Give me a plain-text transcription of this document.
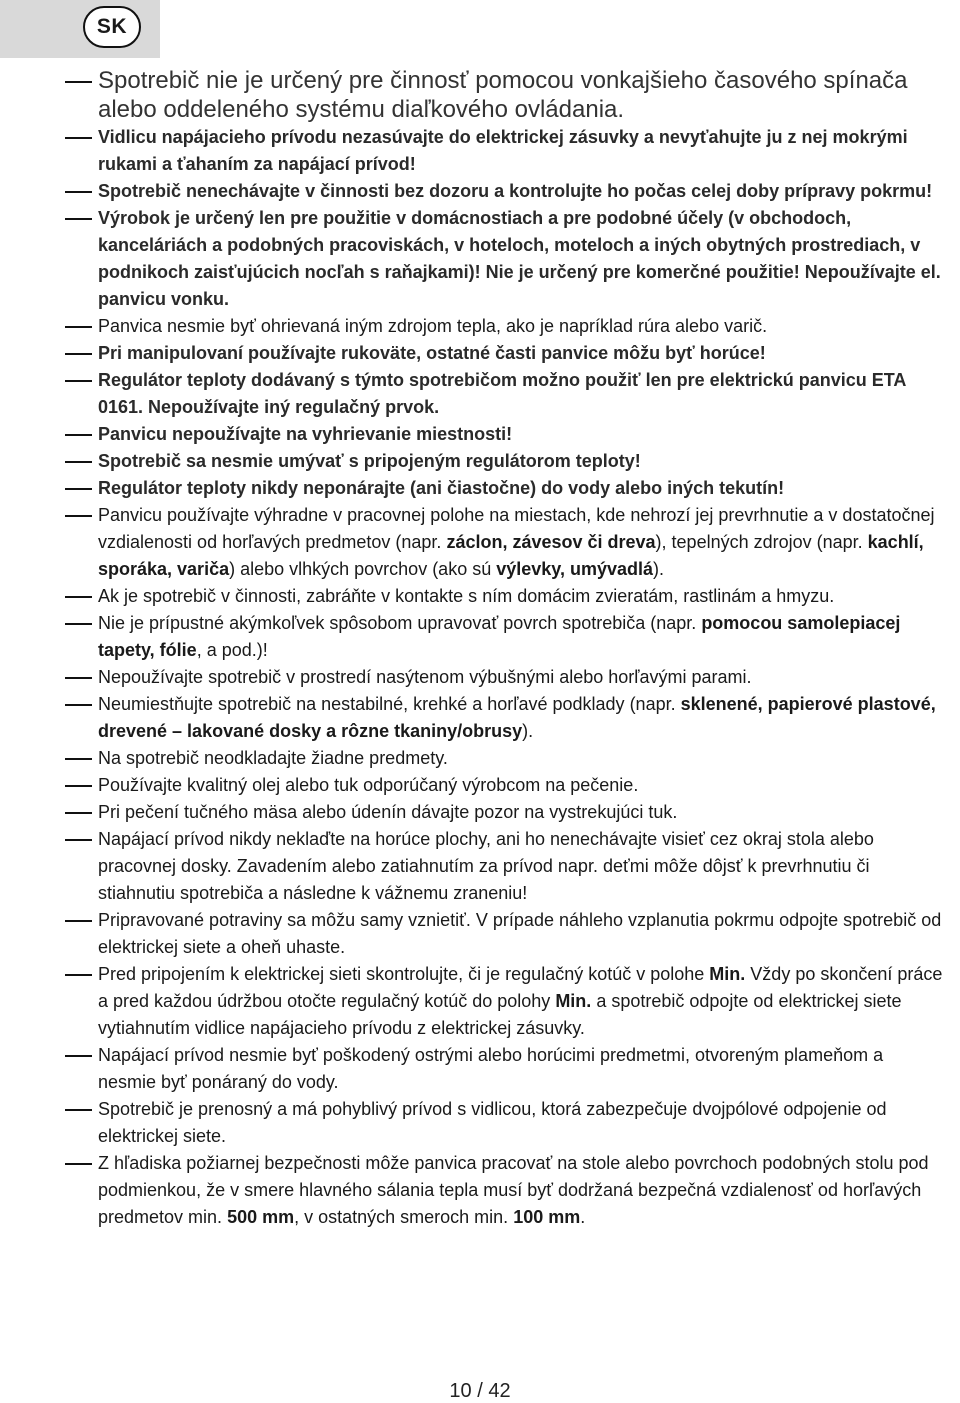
SK
Spotrebič nie je určený pre činnosť pomocou vonkajšieho časového spínača alebo oddeleného systému diaľkového ovládania.
Vidlicu napájacieho prívodu nezasúvajte do elektrickej zásuvky a nevyťahujte ju z nej mokrými rukami a ťahaním za napájací prívod!
Spotrebič nenechávajte v činnosti bez dozoru a kontrolujte ho počas celej doby prípravy pokrmu!
Výrobok je určený len pre použitie v domácnostiach a pre podobné účely (v obchodoch, kanceláriách a podobných pracoviskách, v hoteloch, moteloch a iných obytných prostrediach, v podnikoch zaisťujúcich nocľah s raňajkami)! Nie je určený pre komerčné použitie! Nepoužívajte el. panvicu vonku.
Panvica nesmie byť ohrievaná iným zdrojom tepla, ako je napríklad rúra alebo varič.
Pri manipulovaní používajte rukoväte, ostatné časti panvice môžu byť horúce!
Regulátor teploty dodávaný s týmto spotrebičom možno použiť len pre elektrickú panvicu ETA 0161. Nepoužívajte iný regulačný prvok.
Panvicu nepoužívajte na vyhrievanie miestnosti!
Spotrebič sa nesmie umývať s pripojeným regulátorom teploty!
Regulátor teploty nikdy neponárajte (ani čiastočne) do vody alebo iných tekutín!
Panvicu používajte výhradne v pracovnej polohe na miestach, kde nehrozí jej prevrhnutie a v dostatočnej vzdialenosti od horľavých predmetov (napr. záclon, závesov či dreva), tepelných zdrojov (napr. kachlí, sporáka, variča) alebo vlhkých povrchov (ako sú výlevky, umývadlá).
Ak je spotrebič v činnosti, zabráňte v kontakte s ním domácim zvieratám, rastlinám a hmyzu.
Nie je prípustné akýmkoľvek spôsobom upravovať povrch spotrebiča (napr. pomocou samolepiacej tapety, fólie, a pod.)!
Nepoužívajte spotrebič v prostredí nasýtenom výbušnými alebo horľavými parami.
Neumiestňujte spotrebič na nestabilné, krehké a horľavé podklady (napr. sklenené, papierové plastové, drevené – lakované dosky a rôzne tkaniny/obrusy).
Na spotrebič neodkladajte žiadne predmety.
Používajte kvalitný olej alebo tuk odporúčaný výrobcom na pečenie.
Pri pečení tučného mäsa alebo údenín dávajte pozor na vystrekujúci tuk.
Napájací prívod nikdy neklaďte na horúce plochy, ani ho nenechávajte visieť cez okraj stola alebo pracovnej dosky. Zavadením alebo zatiahnutím za prívod napr. deťmi môže dôjsť k prevrhnutiu či stiahnutiu spotrebiča a následne k vážnemu zraneniu!
Pripravované potraviny sa môžu samy vznietiť. V prípade náhleho vzplanutia pokrmu odpojte spotrebič od elektrickej siete a oheň uhaste.
Pred pripojením k elektrickej sieti skontrolujte, či je regulačný kotúč v polohe Min. Vždy po skončení práce a pred každou údržbou otočte regulačný kotúč do polohy Min. a spotrebič odpojte od elektrickej siete vytiahnutím vidlice napájacieho prívodu z elektrickej zásuvky.
Napájací prívod nesmie byť poškodený ostrými alebo horúcimi predmetmi, otvoreným plameňom a nesmie byť ponáraný do vody.
Spotrebič je prenosný a má pohyblivý prívod s vidlicou, ktorá zabezpečuje dvojpólové odpojenie od elektrickej siete.
Z hľadiska požiarnej bezpečnosti môže panvica pracovať na stole alebo povrchoch podobných stolu pod podmienkou, že v smere hlavného sálania tepla musí byť dodržaná bezpečná vzdialenosť od horľavých predmetov min. 500 mm, v ostatných smeroch min. 100 mm.
10 / 42
